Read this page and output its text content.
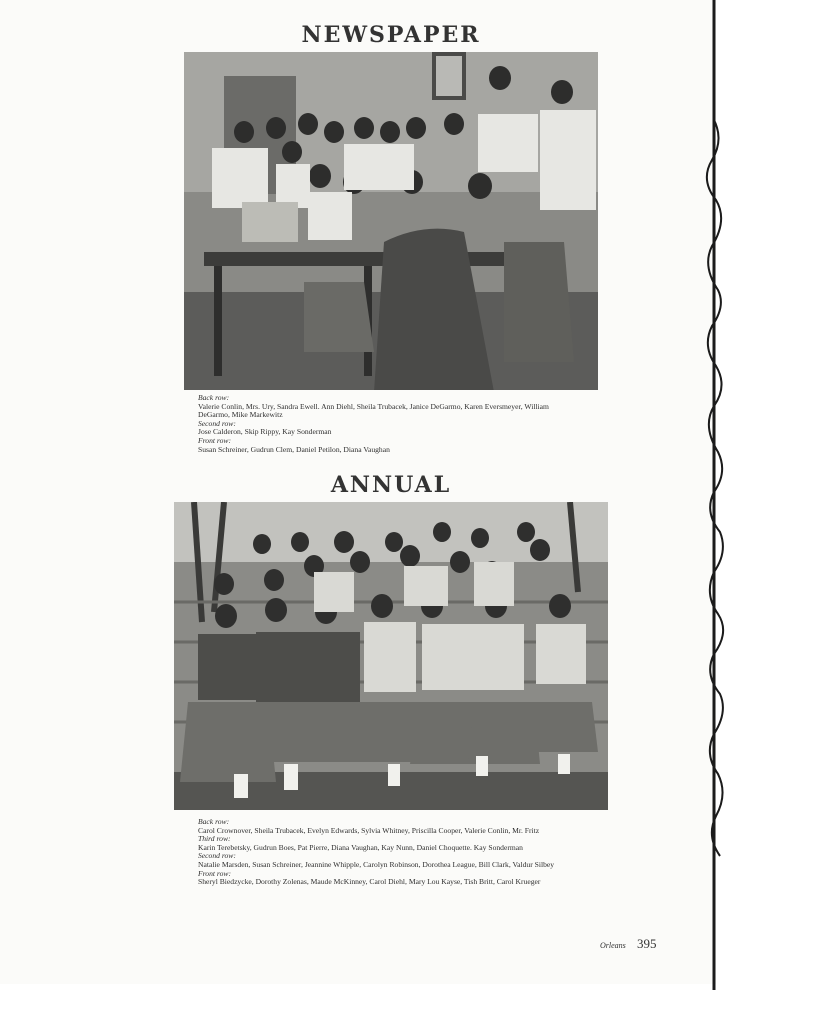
NEWSPAPER
Back row:
Valerie Conlin, Mrs. Ury, Sandra Ewell. Ann Diehl, Sheila Trubacek, Janice DeGarmo, Karen Eversmeyer, William DeGarmo, Mike Markewitz
Second row:
Jose Calderon, Skip Rippy, Kay Sonderman
Front row:
Susan Schreiner, Gudrun Clem, Daniel Petilon, Diana Vaughan
ANNUAL
Back row:
Carol Crownover, Sheila Trubacek, Evelyn Edwards, Sylvia Whitney, Priscilla Cooper, Valerie Conlin, Mr. Fritz
Third row:
Karin Terebetsky, Gudrun Boes, Pat Pierre, Diana Vaughan, Kay Nunn, Daniel Choquette. Kay Sonderman
Second row:
Natalie Marsden, Susan Schreiner, Jeannine Whipple, Carolyn Robinson, Dorothea League, Bill Clark, Valdur Silbey
Front row:
Sheryl Biedzycke, Dorothy Zolenas, Maude McKinney, Carol Diehl, Mary Lou Kayse, Tish Britt, Carol Krueger
Orleans 395
